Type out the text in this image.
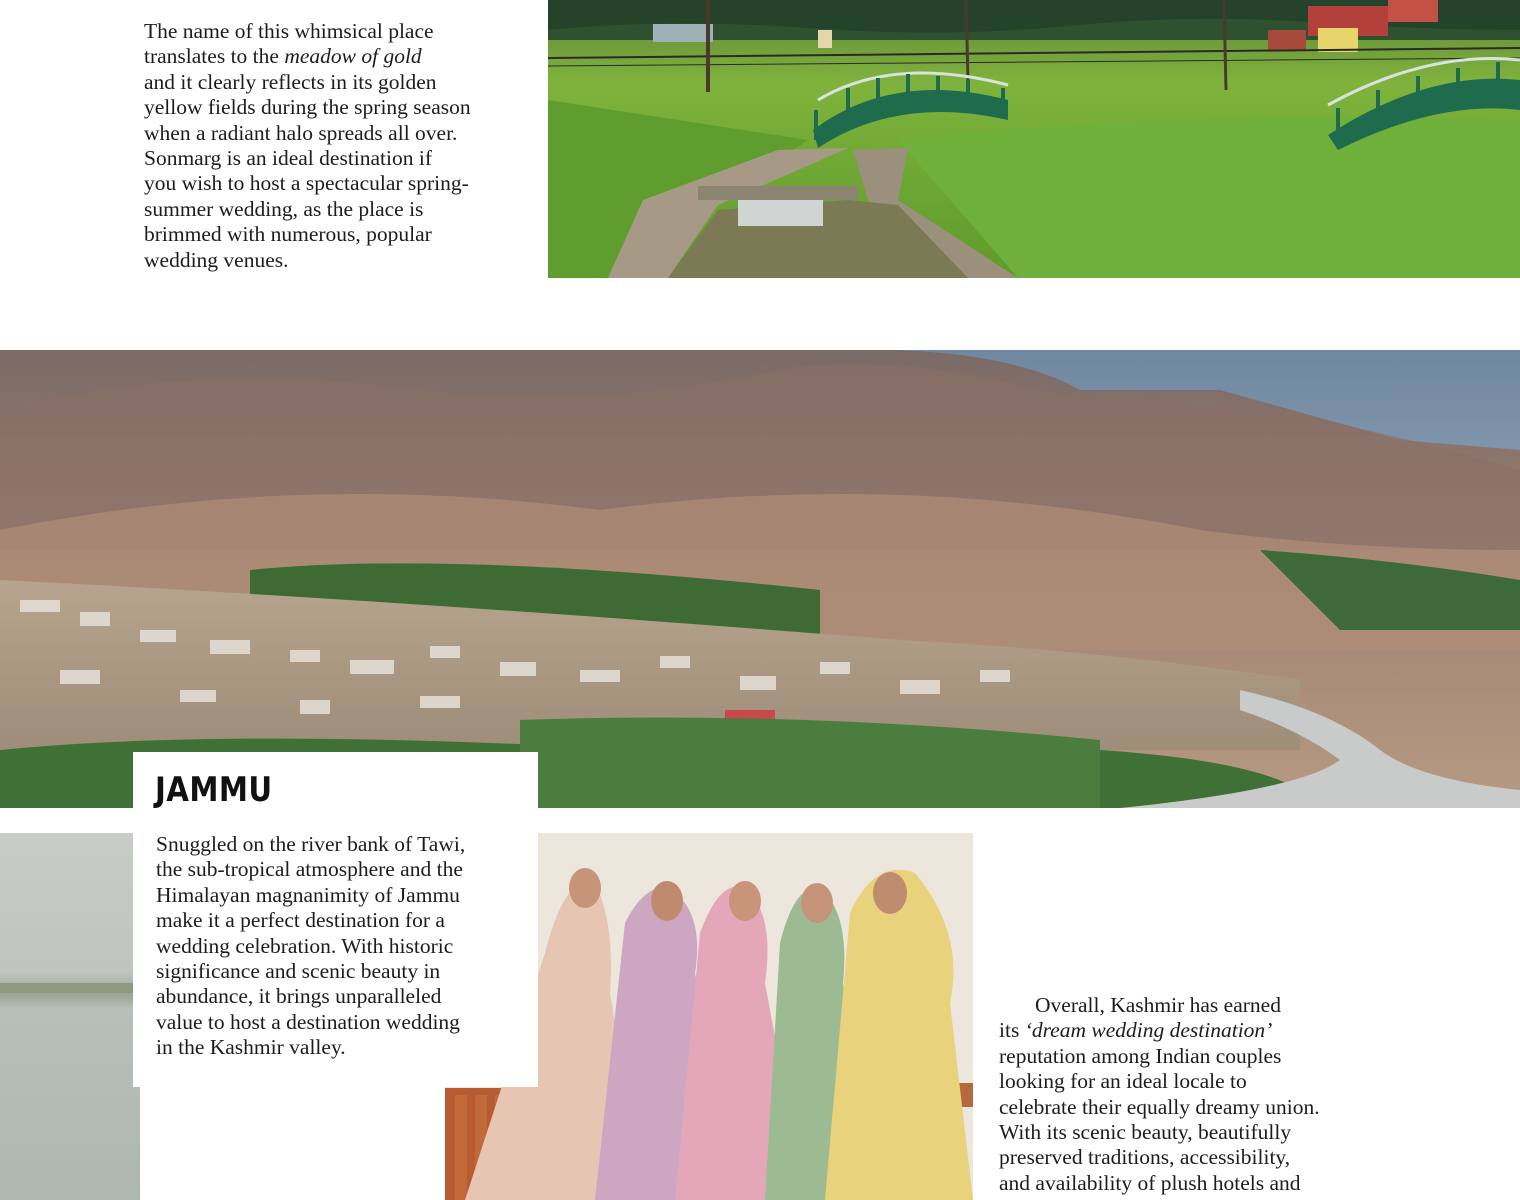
The name of this whimsical place
translates to the meadow of gold
and it clearly reflects in its golden
yellow fields during the spring season
when a radiant halo spreads all over.
Sonmarg is an ideal destination if
you wish to host a spectacular spring-
summer wedding, as the place is
brimmed with numerous, popular
wedding venues.

JAMMU

Snuggled on the river bank of Tawi,
the sub-tropical atmosphere and the
Himalayan magnanimity of Jammu
make it a perfect destination for a
wedding celebration. With historic
significance and scenic beauty in
abundance, it brings unparalleled
value to host a destination wedding
in the Kashmir valley.

Overall, Kashmir has earned
its ‘dream wedding destination’
reputation among Indian couples
looking for an ideal locale to
celebrate their equally dreamy union.
With its scenic beauty, beautifully
preserved traditions, accessibility,
and availability of plush hotels and
